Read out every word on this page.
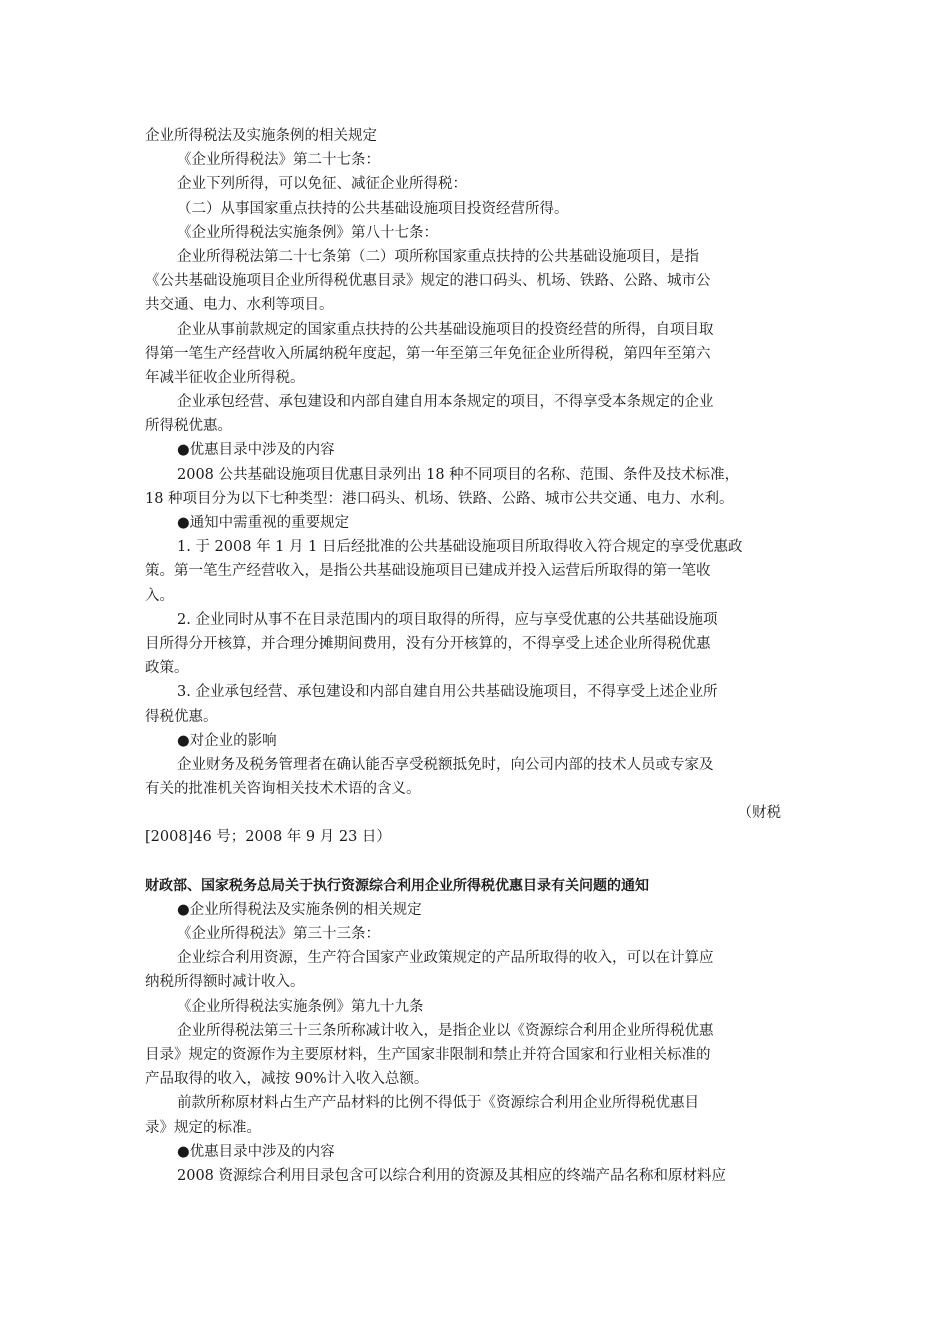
企业所得税法及实施条例的相关规定
《企业所得税法》第二十七条：
企业下列所得，可以免征、减征企业所得税：
（二）从事国家重点扶持的公共基础设施项目投资经营所得。
《企业所得税法实施条例》第八十七条：
企业所得税法第二十七条第（二）项所称国家重点扶持的公共基础设施项目，是指
《公共基础设施项目企业所得税优惠目录》规定的港口码头、机场、铁路、公路、城市公
共交通、电力、水利等项目。
企业从事前款规定的国家重点扶持的公共基础设施项目的投资经营的所得，自项目取
得第一笔生产经营收入所属纳税年度起，第一年至第三年免征企业所得税，第四年至第六
年减半征收企业所得税。
企业承包经营、承包建设和内部自建自用本条规定的项目，不得享受本条规定的企业
所得税优惠。
●优惠目录中涉及的内容
2008 公共基础设施项目优惠目录列出 18 种不同项目的名称、范围、条件及技术标准，
18 种项目分为以下七种类型：港口码头、机场、铁路、公路、城市公共交通、电力、水利。
●通知中需重视的重要规定
1. 于 2008 年 1 月 1 日后经批准的公共基础设施项目所取得收入符合规定的享受优惠政
策。第一笔生产经营收入，是指公共基础设施项目已建成并投入运营后所取得的第一笔收
入。
2. 企业同时从事不在目录范围内的项目取得的所得，应与享受优惠的公共基础设施项
目所得分开核算，并合理分摊期间费用，没有分开核算的，不得享受上述企业所得税优惠
政策。
3. 企业承包经营、承包建设和内部自建自用公共基础设施项目，不得享受上述企业所
得税优惠。
●对企业的影响
企业财务及税务管理者在确认能否享受税额抵免时，向公司内部的技术人员或专家及
有关的批准机关咨询相关技术术语的含义。
（财税
[2008]46 号；2008 年 9 月 23 日）
财政部、国家税务总局关于执行资源综合利用企业所得税优惠目录有关问题的通知
●企业所得税法及实施条例的相关规定
《企业所得税法》第三十三条：
企业综合利用资源，生产符合国家产业政策规定的产品所取得的收入，可以在计算应
纳税所得额时减计收入。
《企业所得税法实施条例》第九十九条
企业所得税法第三十三条所称减计收入，是指企业以《资源综合利用企业所得税优惠
目录》规定的资源作为主要原材料，生产国家非限制和禁止并符合国家和行业相关标准的
产品取得的收入，减按 90%计入收入总额。
前款所称原材料占生产产品材料的比例不得低于《资源综合利用企业所得税优惠目
录》规定的标准。
●优惠目录中涉及的内容
2008 资源综合利用目录包含可以综合利用的资源及其相应的终端产品名称和原材料应
